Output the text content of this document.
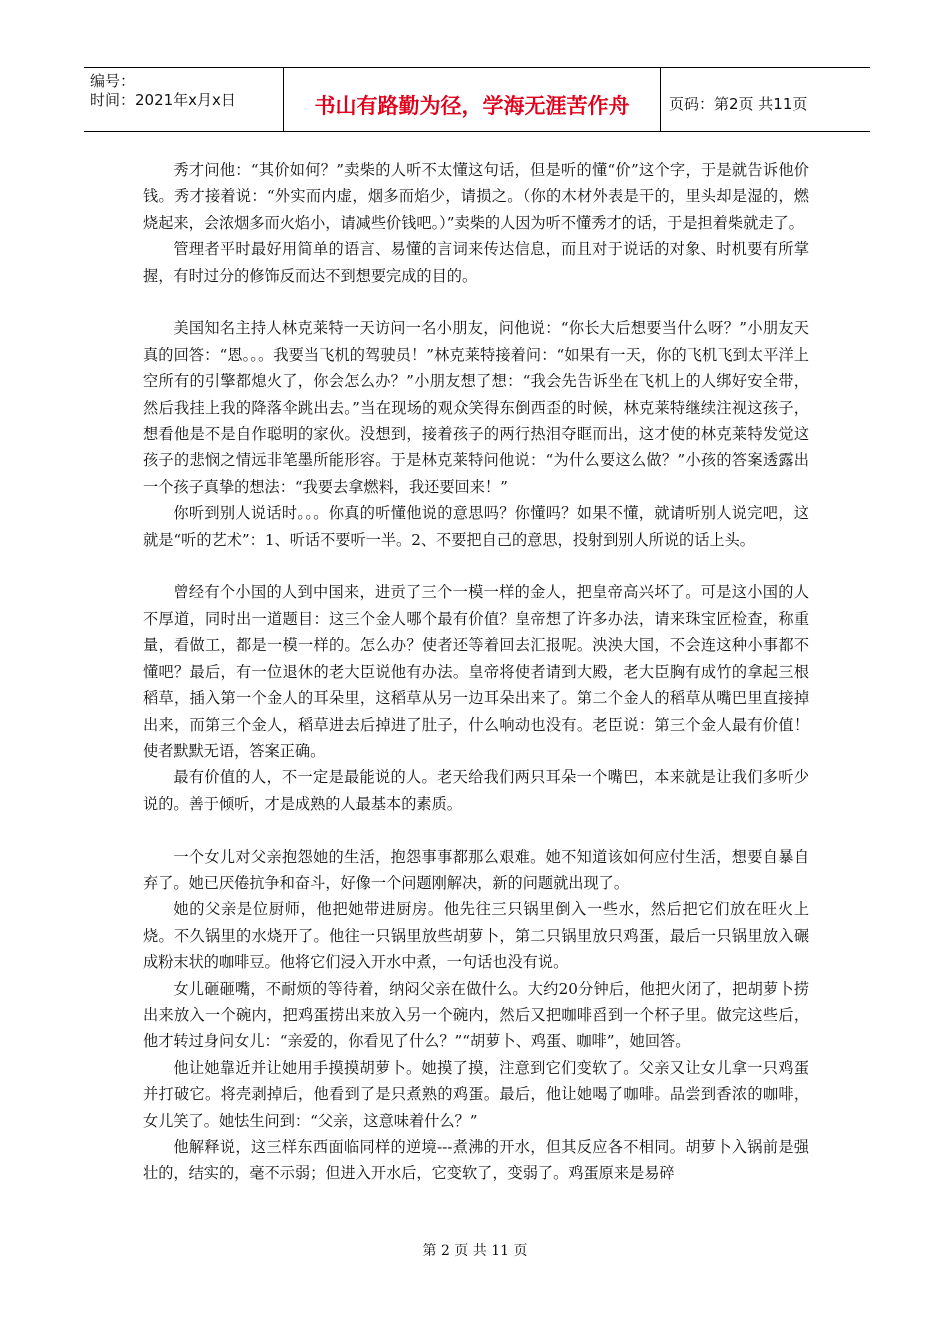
编号：
时间：2021年x月x日	书山有路勤为径，学海无涯苦作舟	页码：第2页 共11页

秀才问他：“其价如何？”卖柴的人听不太懂这句话，但是听的懂“价”这个字，于是就告诉他价钱。秀才接着说：“外实而内虚，烟多而焰少，请损之。（你的木材外表是干的，里头却是湿的，燃烧起来，会浓烟多而火焰小，请减些价钱吧。）”卖柴的人因为听不懂秀才的话，于是担着柴就走了。

管理者平时最好用简单的语言、易懂的言词来传达信息，而且对于说话的对象、时机要有所掌握，有时过分的修饰反而达不到想要完成的目的。

美国知名主持人林克莱特一天访问一名小朋友，问他说：“你长大后想要当什么呀？”小朋友天真的回答：“恩。。。我要当飞机的驾驶员！”林克莱特接着问：“如果有一天，你的飞机飞到太平洋上空所有的引擎都熄火了，你会怎么办？”小朋友想了想：“我会先告诉坐在飞机上的人绑好安全带，然后我挂上我的降落伞跳出去。”当在现场的观众笑得东倒西歪的时候，林克莱特继续注视这孩子，想看他是不是自作聪明的家伙。没想到，接着孩子的两行热泪夺眶而出，这才使的林克莱特发觉这孩子的悲悯之情远非笔墨所能形容。于是林克莱特问他说：“为什么要这么做？”小孩的答案透露出一个孩子真挚的想法：“我要去拿燃料，我还要回来！”

你听到别人说话时。。。你真的听懂他说的意思吗？你懂吗？如果不懂，就请听别人说完吧，这就是“听的艺术”：1、听话不要听一半。2、不要把自己的意思，投射到别人所说的话上头。

曾经有个小国的人到中国来，进贡了三个一模一样的金人，把皇帝高兴坏了。可是这小国的人不厚道，同时出一道题目：这三个金人哪个最有价值？皇帝想了许多办法，请来珠宝匠检查，称重量，看做工，都是一模一样的。怎么办？使者还等着回去汇报呢。泱泱大国，不会连这种小事都不懂吧？最后，有一位退休的老大臣说他有办法。皇帝将使者请到大殿，老大臣胸有成竹的拿起三根稻草，插入第一个金人的耳朵里，这稻草从另一边耳朵出来了。第二个金人的稻草从嘴巴里直接掉出来，而第三个金人，稻草进去后掉进了肚子，什么响动也没有。老臣说：第三个金人最有价值！使者默默无语，答案正确。

最有价值的人，不一定是最能说的人。老天给我们两只耳朵一个嘴巴，本来就是让我们多听少说的。善于倾听，才是成熟的人最基本的素质。

一个女儿对父亲抱怨她的生活，抱怨事事都那么艰难。她不知道该如何应付生活，想要自暴自弃了。她已厌倦抗争和奋斗，好像一个问题刚解决，新的问题就出现了。

她的父亲是位厨师，他把她带进厨房。他先往三只锅里倒入一些水，然后把它们放在旺火上烧。不久锅里的水烧开了。他往一只锅里放些胡萝卜，第二只锅里放只鸡蛋，最后一只锅里放入碾成粉末状的咖啡豆。他将它们浸入开水中煮，一句话也没有说。

女儿砸砸嘴，不耐烦的等待着，纳闷父亲在做什么。大约20分钟后，他把火闭了，把胡萝卜捞出来放入一个碗内，把鸡蛋捞出来放入另一个碗内，然后又把咖啡舀到一个杯子里。做完这些后，他才转过身问女儿：“亲爱的，你看见了什么？”“胡萝卜、鸡蛋、咖啡”，她回答。

他让她靠近并让她用手摸摸胡萝卜。她摸了摸，注意到它们变软了。父亲又让女儿拿一只鸡蛋并打破它。将壳剥掉后，他看到了是只煮熟的鸡蛋。最后，他让她喝了咖啡。品尝到香浓的咖啡，女儿笑了。她怯生问到：“父亲，这意味着什么？”

他解释说，这三样东西面临同样的逆境---煮沸的开水，但其反应各不相同。胡萝卜入锅前是强壮的，结实的，毫不示弱；但进入开水后，它变软了，变弱了。鸡蛋原来是易碎

第 2 页 共 11 页
